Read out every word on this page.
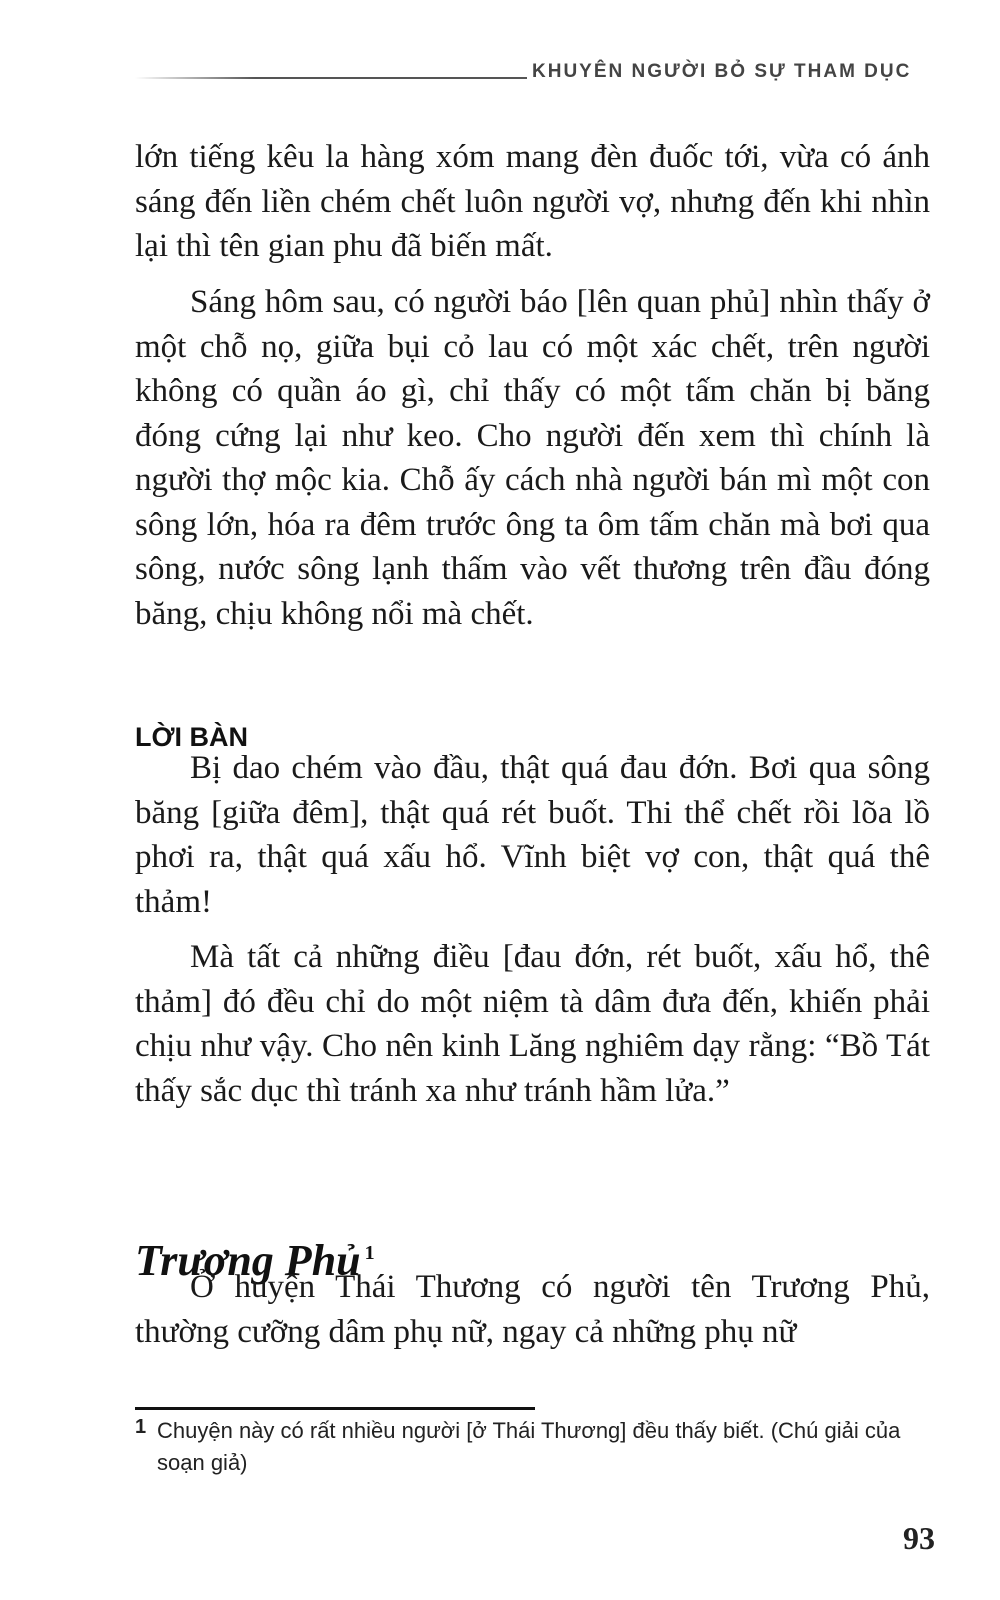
KHUYÊN NGƯỜI BỎ SỰ THAM DỤC

lớn tiếng kêu la hàng xóm mang đèn đuốc tới, vừa có ánh sáng đến liền chém chết luôn người vợ, nhưng đến khi nhìn lại thì tên gian phu đã biến mất.

Sáng hôm sau, có người báo [lên quan phủ] nhìn thấy ở một chỗ nọ, giữa bụi cỏ lau có một xác chết, trên người không có quần áo gì, chỉ thấy có một tấm chăn bị băng đóng cứng lại như keo. Cho người đến xem thì chính là người thợ mộc kia. Chỗ ấy cách nhà người bán mì một con sông lớn, hóa ra đêm trước ông ta ôm tấm chăn mà bơi qua sông, nước sông lạnh thấm vào vết thương trên đầu đóng băng, chịu không nổi mà chết.

LỜI BÀN

Bị dao chém vào đầu, thật quá đau đớn. Bơi qua sông băng [giữa đêm], thật quá rét buốt. Thi thể chết rồi lõa lồ phơi ra, thật quá xấu hổ. Vĩnh biệt vợ con, thật quá thê thảm!

Mà tất cả những điều [đau đớn, rét buốt, xấu hổ, thê thảm] đó đều chỉ do một niệm tà dâm đưa đến, khiến phải chịu như vậy. Cho nên kinh Lăng nghiêm dạy rằng: “Bồ Tát thấy sắc dục thì tránh xa như tránh hầm lửa.”

Trương Phủ $^1$

Ở huyện Thái Thương có người tên Trương Phủ, thường cưỡng dâm phụ nữ, ngay cả những phụ nữ

1 Chuyện này có rất nhiều người [ở Thái Thương] đều thấy biết. (Chú giải của soạn giả)
93
